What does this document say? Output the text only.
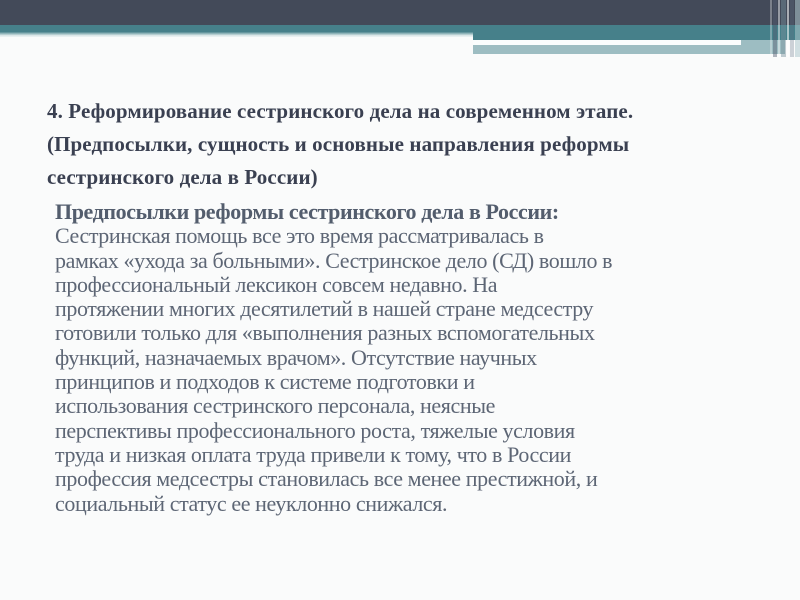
4. Реформирование сестринского дела на современном этапе.
(Предпосылки, сущность и основные направления реформы
сестринского дела в России)
Предпосылки реформы сестринского дела в России:
Сестринская помощь все это время рассматривалась в
рамках «ухода за больными». Сестринское дело (СД) вошло в
профессиональный лексикон совсем недавно. На
протяжении многих десятилетий в нашей стране медсестру
готовили только для «выполнения разных вспомогательных
функций, назначаемых врачом». Отсутствие научных
принципов и подходов к системе подготовки и
использования сестринского персонала, неясные
перспективы профессионального роста, тяжелые условия
труда и низкая оплата труда привели к тому, что в России
профессия медсестры становилась все менее престижной, и
социальный статус ее неуклонно снижался.
